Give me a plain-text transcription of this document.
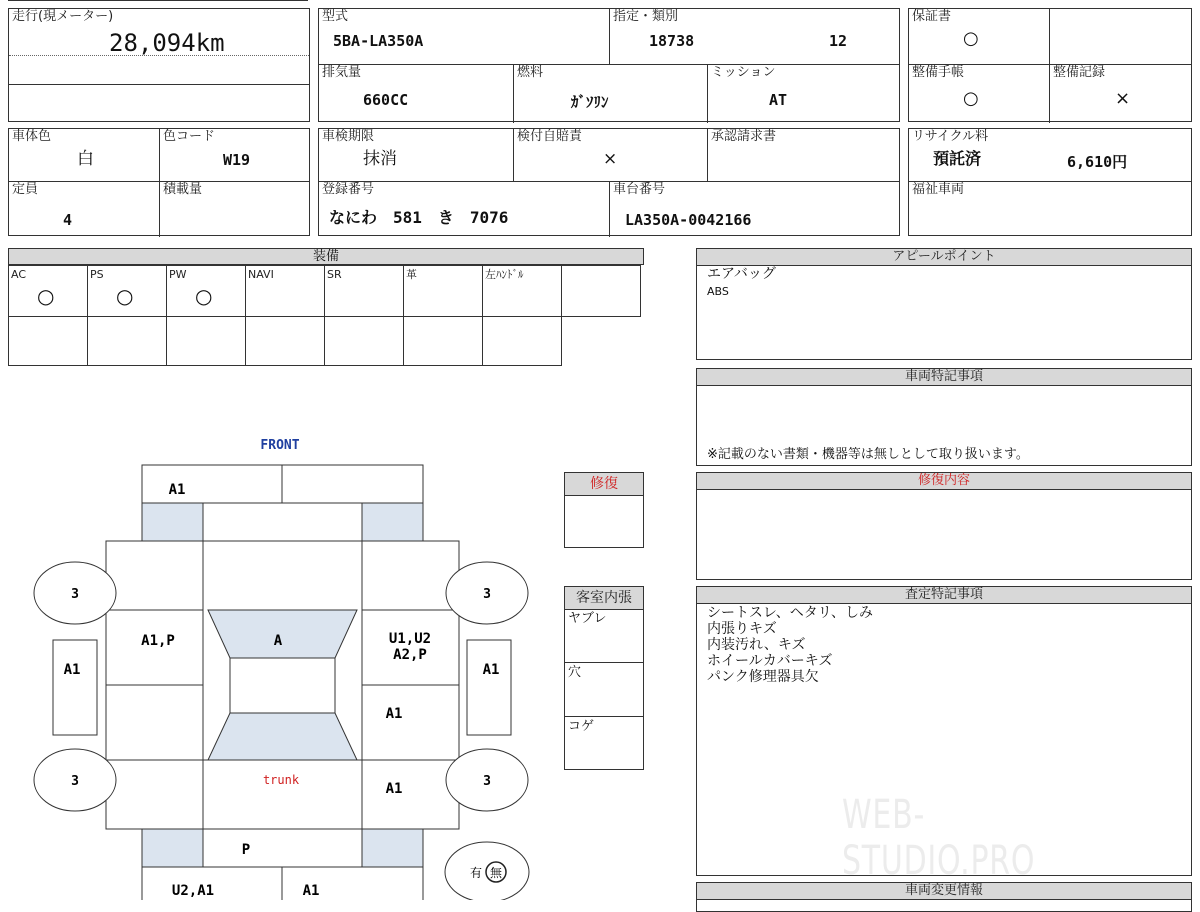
走行(現メーター)
28,094km
型式
5BA-LA350A
指定・類別
18738	12
排気量
660CC
燃料
ｶﾞｿﾘﾝ
ミッション
AT
保証書
○
整備手帳
○
整備記録
×
車体色
白
色コード
W19
定員
4
積載量
車検期限
抹消
検付自賠責
×
承認請求書
登録番号
なにわ　581　き　7076
車台番号
LA350A-0042166
リサイクル料
預託済	6,610円
福祉車両
装備
AC
○
PS
○
PW
○
NAVI	SR	革	左ﾊﾝﾄﾞﾙ
アピールポイント
エアバッグ
ABS
車両特記事項
※記載のない書類・機器等は無しとして取り扱います。
修復内容
査定特記事項
シートスレ、ヘタリ、しみ
内張りキズ
内装汚れ、キズ
ホイールカバーキズ
パンク修理器具欠
車両変更情報
修復
客室内張
ヤブレ
穴
コゲ
FRONT
A1
A1,P	A	U1,U2
A2,P
A1
A1
trunk
A1	A1
3	3
3	3
P
U2,A1	A1
有 無
WEB-STUDIO.PRO
